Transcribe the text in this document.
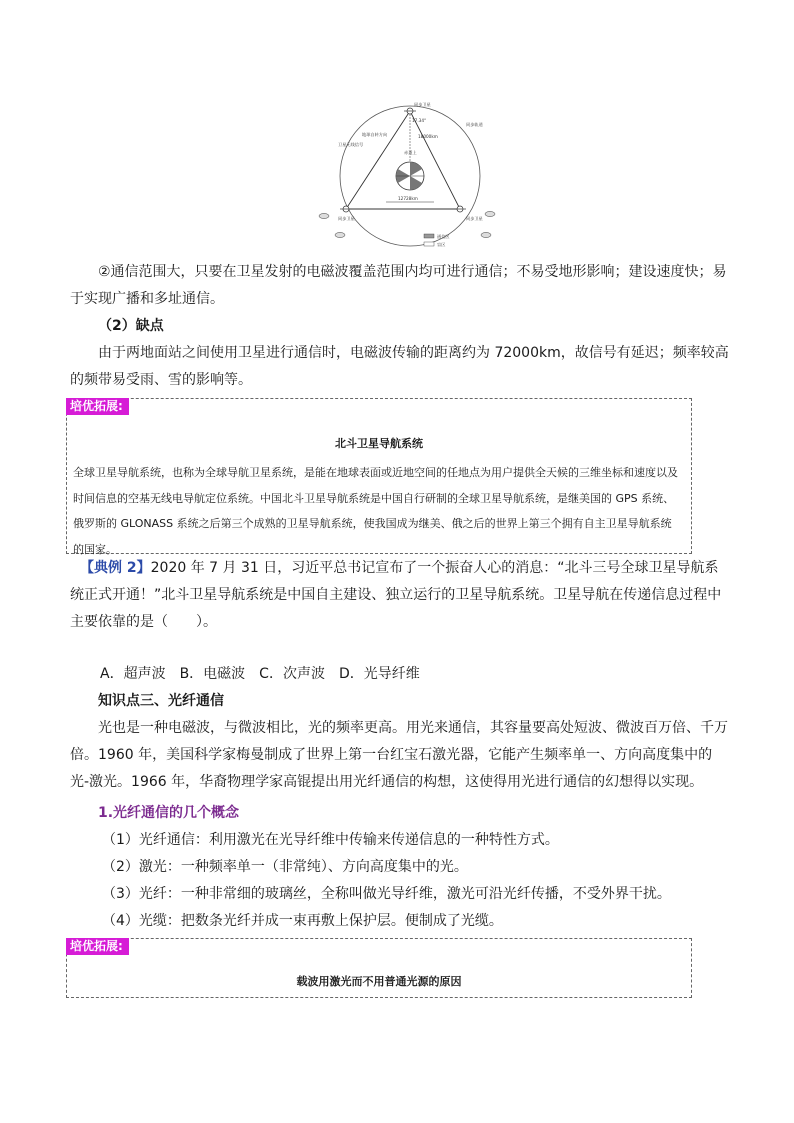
同步卫星
同步轨道
17.34°
地球自转方向	18000km
赤道上
卫星无线信号
12728km
同步卫星	同步卫星
通信区
盲区
②通信范围大，只要在卫星发射的电磁波覆盖范围内均可进行通信；不易受地形影响；建设速度快；易于实现广播和多址通信。
（2）缺点
由于两地面站之间使用卫星进行通信时，电磁波传输的距离约为 72000km，故信号有延迟；频率较高的频带易受雨、雪的影响等。
培优拓展:
北斗卫星导航系统
全球卫星导航系统，也称为全球导航卫星系统，是能在地球表面或近地空间的任地点为用户提供全天候的三维坐标和速度以及时间信息的空基无线电导航定位系统。中国北斗卫星导航系统是中国自行研制的全球卫星导航系统，是继美国的 GPS 系统、俄罗斯的 GLONASS 系统之后第三个成熟的卫星导航系统，使我国成为继美、俄之后的世界上第三个拥有自主卫星导航系统的国家。
【典例 2】2020 年 7 月 31 日，习近平总书记宣布了一个振奋人心的消息：“北斗三号全球卫星导航系统正式开通！”北斗卫星导航系统是中国自主建设、独立运行的卫星导航系统。卫星导航在传递信息过程中主要依靠的是（　　）。
A．超声波　B．电磁波　C．次声波　D．光导纤维
知识点三、光纤通信
光也是一种电磁波，与微波相比，光的频率更高。用光来通信，其容量要高处短波、微波百万倍、千万倍。1960 年，美国科学家梅曼制成了世界上第一台红宝石激光器，它能产生频率单一、方向高度集中的光-激光。1966 年，华裔物理学家高锟提出用光纤通信的构想，这使得用光进行通信的幻想得以实现。
1.光纤通信的几个概念
（1）光纤通信：利用激光在光导纤维中传输来传递信息的一种特性方式。
（2）激光：一种频率单一（非常纯）、方向高度集中的光。
（3）光纤：一种非常细的玻璃丝，全称叫做光导纤维，激光可沿光纤传播，不受外界干扰。
（4）光缆：把数条光纤并成一束再敷上保护层。便制成了光缆。
培优拓展:
载波用激光而不用普通光源的原因
